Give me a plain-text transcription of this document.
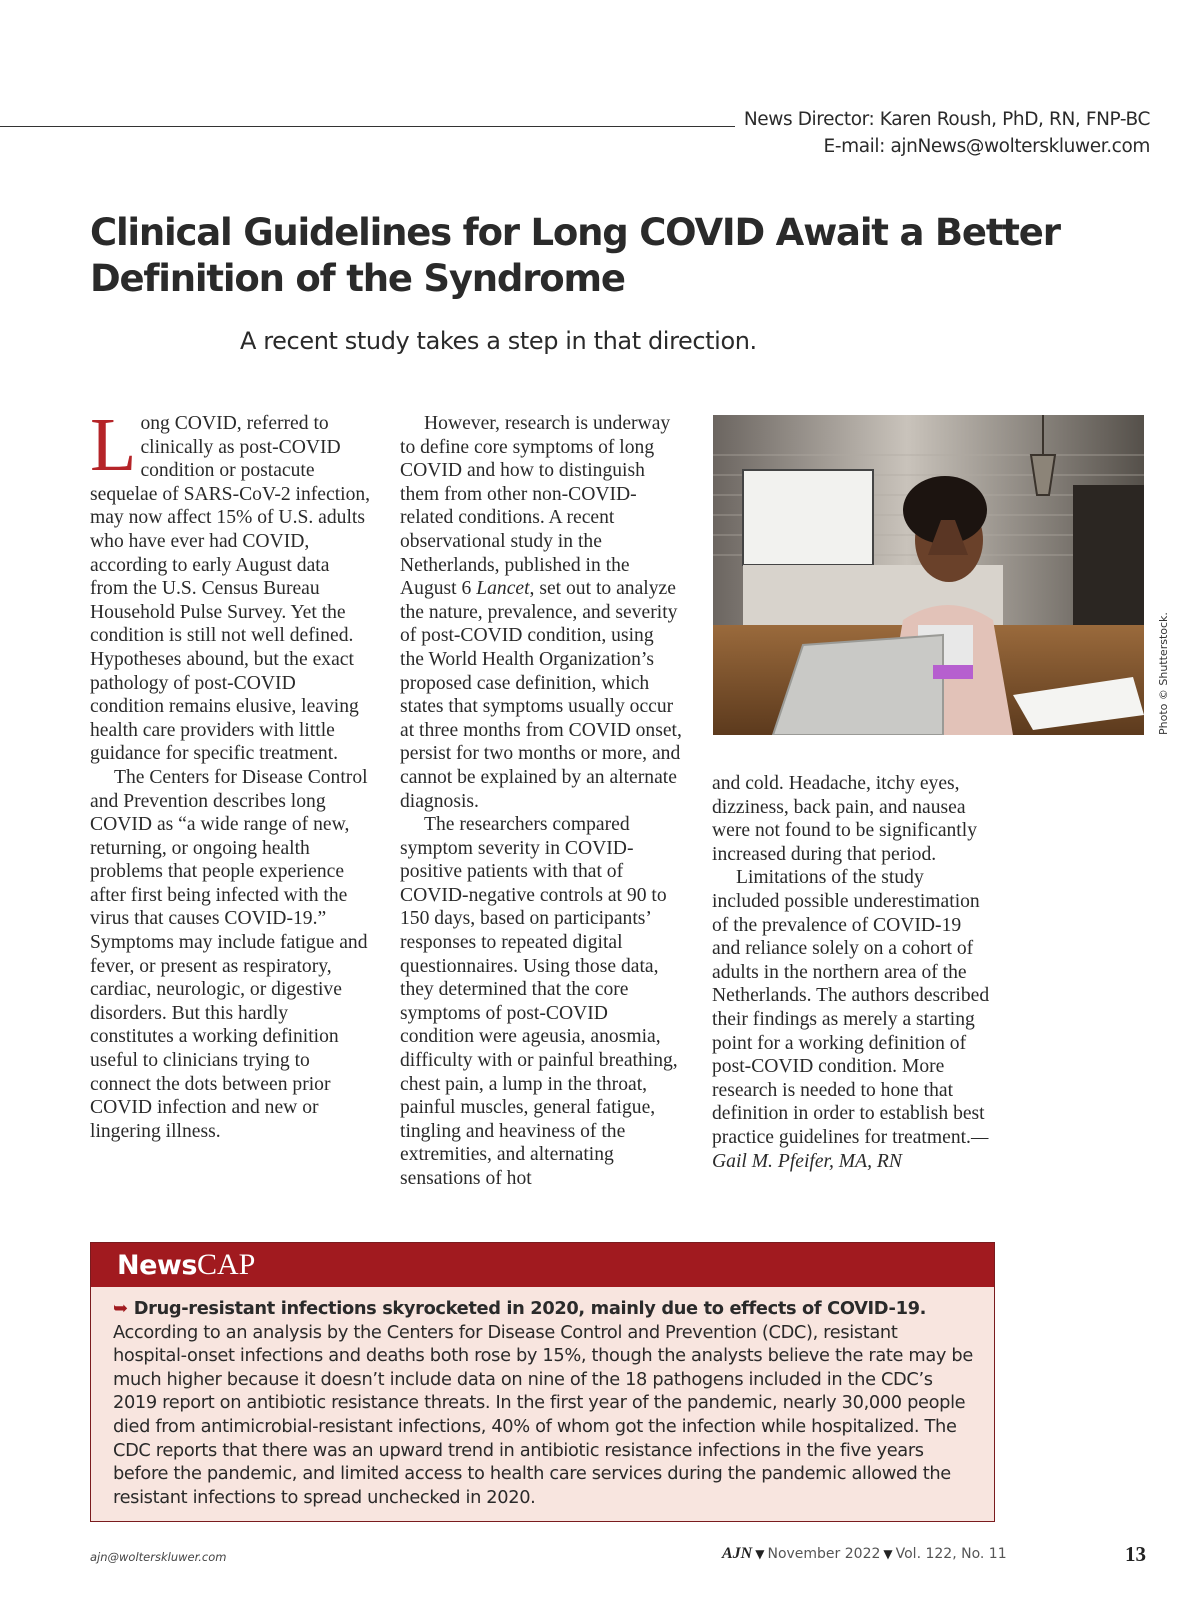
News Director: Karen Roush, PhD, RN, FNP-BC
E-mail: ajnNews@wolterskluwer.com
Clinical Guidelines for Long COVID Await a Better Definition of the Syndrome

A recent study takes a step in that direction.

Long COVID, referred to clinically as post-COVID condition or postacute sequelae of SARS-CoV-2 infection, may now affect 15% of U.S. adults who have ever had COVID, according to early August data from the U.S. Census Bureau Household Pulse Survey. Yet the condition is still not well defined. Hypotheses abound, but the exact pathology of post-COVID condition remains elusive, leaving health care providers with little guidance for specific treatment.

The Centers for Disease Control and Prevention describes long COVID as “a wide range of new, returning, or ongoing health problems that people experience after first being infected with the virus that causes COVID-19.” Symptoms may include fatigue and fever, or present as respiratory, cardiac, neurologic, or digestive disorders. But this hardly constitutes a working definition useful to clinicians trying to connect the dots between prior COVID infection and new or lingering illness.

However, research is underway to define core symptoms of long COVID and how to distinguish them from other non-COVID-related conditions. A recent observational study in the Netherlands, published in the August 6 Lancet, set out to analyze the nature, prevalence, and severity of post-COVID condition, using the World Health Organization’s proposed case definition, which states that symptoms usually occur at three months from COVID onset, persist for two months or more, and cannot be explained by an alternate diagnosis.

The researchers compared symptom severity in COVID-positive patients with that of COVID-negative controls at 90 to 150 days, based on participants’ responses to repeated digital questionnaires. Using those data, they determined that the core symptoms of post-COVID condition were ageusia, anosmia, difficulty with or painful breathing, chest pain, a lump in the throat, painful muscles, general fatigue, tingling and heaviness of the extremities, and alternating sensations of hot

Photo © Shutterstock.

and cold. Headache, itchy eyes, dizziness, back pain, and nausea were not found to be significantly increased during that period.

Limitations of the study included possible underestimation of the prevalence of COVID-19 and reliance solely on a cohort of adults in the northern area of the Netherlands. The authors described their findings as merely a starting point for a working definition of post-COVID condition. More research is needed to hone that definition in order to establish best practice guidelines for treatment.—Gail M. Pfeifer, MA, RN

NewsCAP

➥ Drug-resistant infections skyrocketed in 2020, mainly due to effects of COVID-19. According to an analysis by the Centers for Disease Control and Prevention (CDC), resistant hospital-onset infections and deaths both rose by 15%, though the analysts believe the rate may be much higher because it doesn’t include data on nine of the 18 pathogens included in the CDC’s 2019 report on antibiotic resistance threats. In the first year of the pandemic, nearly 30,000 people died from antimicrobial-resistant infections, 40% of whom got the infection while hospitalized. The CDC reports that there was an upward trend in antibiotic resistance infections in the five years before the pandemic, and limited access to health care services during the pandemic allowed the resistant infections to spread unchecked in 2020.

ajn@wolterskluwer.com	AJN ▼ November 2022 ▼ Vol. 122, No. 11	13
